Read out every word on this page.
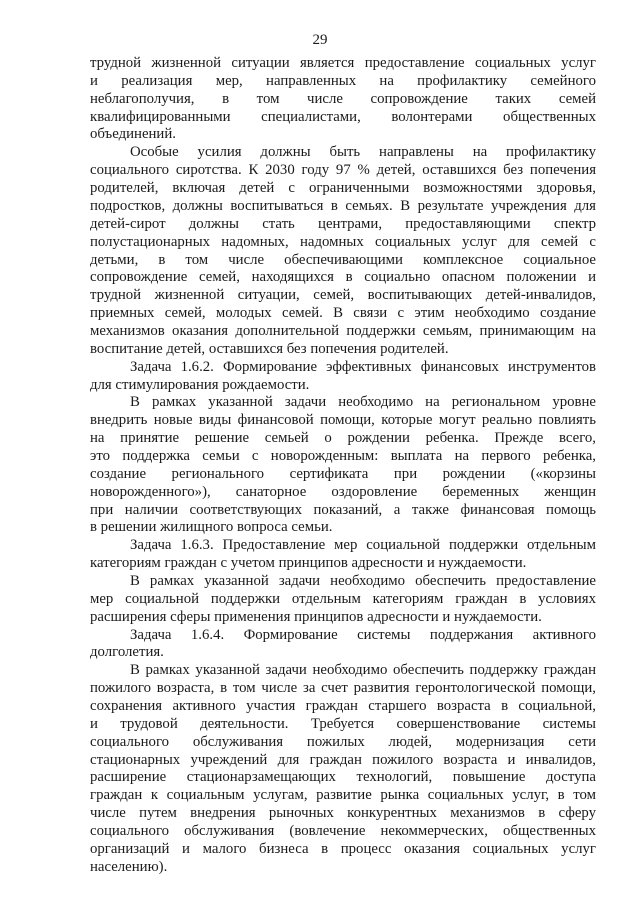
29
трудной жизненной ситуации является предоставление социальных услуг
и реализация мер, направленных на профилактику семейного
неблагополучия, в том числе сопровождение таких семей
квалифицированными специалистами, волонтерами общественных
объединений.
Особые усилия должны быть направлены на профилактику
социального сиротства. К 2030 году 97 % детей, оставшихся без попечения
родителей, включая детей с ограниченными возможностями здоровья,
подростков, должны воспитываться в семьях. В результате учреждения для
детей-сирот должны стать центрами, предоставляющими спектр
полустационарных надомных, надомных социальных услуг для семей с
детьми, в том числе обеспечивающими комплексное социальное
сопровождение семей, находящихся в социально опасном положении и
трудной жизненной ситуации, семей, воспитывающих детей-инвалидов,
приемных семей, молодых семей. В связи с этим необходимо создание
механизмов оказания дополнительной поддержки семьям, принимающим на
воспитание детей, оставшихся без попечения родителей.
Задача 1.6.2. Формирование эффективных финансовых инструментов
для стимулирования рождаемости.
В рамках указанной задачи необходимо на региональном уровне
внедрить новые виды финансовой помощи, которые могут реально повлиять
на принятие решение семьей о рождении ребенка. Прежде всего,
это поддержка семьи с новорожденным: выплата на первого ребенка,
создание регионального сертификата при рождении («корзины
новорожденного»), санаторное оздоровление беременных женщин
при наличии соответствующих показаний, а также финансовая помощь
в решении жилищного вопроса семьи.
Задача 1.6.3. Предоставление мер социальной поддержки отдельным
категориям граждан с учетом принципов адресности и нуждаемости.
В рамках указанной задачи необходимо обеспечить предоставление
мер социальной поддержки отдельным категориям граждан в условиях
расширения сферы применения принципов адресности и нуждаемости.
Задача 1.6.4. Формирование системы поддержания активного
долголетия.
В рамках указанной задачи необходимо обеспечить поддержку граждан
пожилого возраста, в том числе за счет развития геронтологической помощи,
сохранения активного участия граждан старшего возраста в социальной,
и трудовой деятельности. Требуется совершенствование системы
социального обслуживания пожилых людей, модернизация сети
стационарных учреждений для граждан пожилого возраста и инвалидов,
расширение стационарзамещающих технологий, повышение доступа
граждан к социальным услугам, развитие рынка социальных услуг, в том
числе путем внедрения рыночных конкурентных механизмов в сферу
социального обслуживания (вовлечение некоммерческих, общественных
организаций и малого бизнеса в процесс оказания социальных услуг
населению).
